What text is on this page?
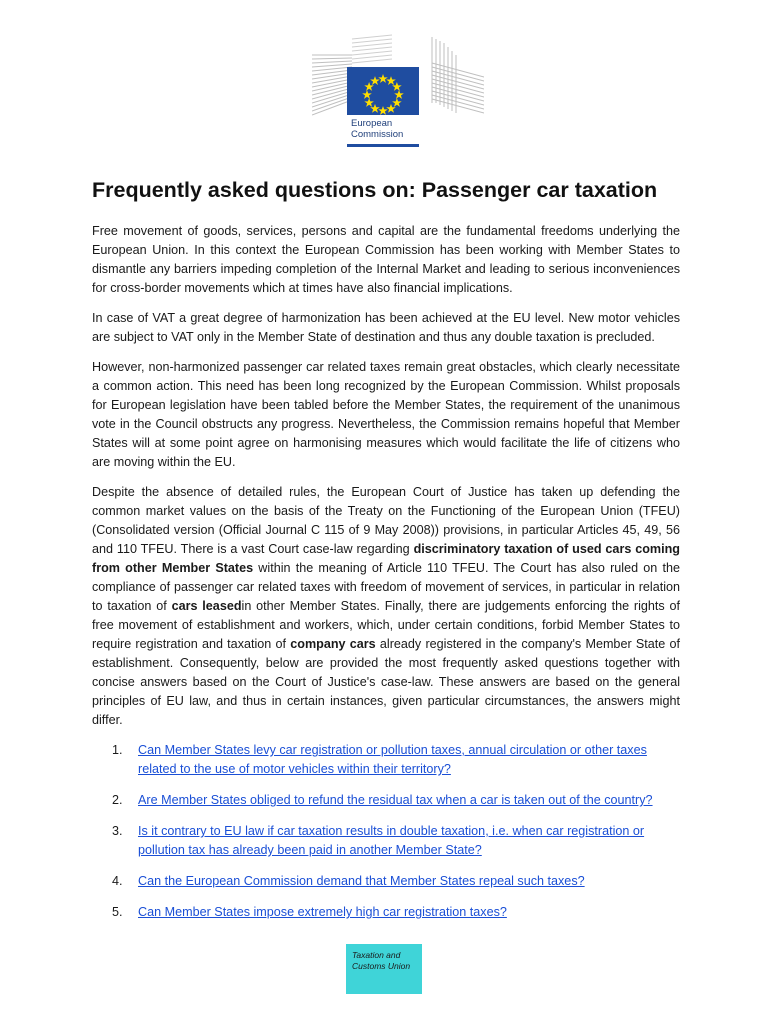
European
Commission
Frequently asked questions on: Passenger car taxation

Free movement of goods, services, persons and capital are the fundamental freedoms underlying the European Union. In this context the European Commission has been working with Member States to dismantle any barriers impeding completion of the Internal Market and leading to serious inconveniences for cross-border movements which at times have also financial implications.

In case of VAT a great degree of harmonization has been achieved at the EU level. New motor vehicles are subject to VAT only in the Member State of destination and thus any double taxation is precluded.

However, non-harmonized passenger car related taxes remain great obstacles, which clearly necessitate a common action. This need has been long recognized by the European Commission. Whilst proposals for European legislation have been tabled before the Member States, the requirement of the unanimous vote in the Council obstructs any progress. Nevertheless, the Commission remains hopeful that Member States will at some point agree on harmonising measures which would facilitate the life of citizens who are moving within the EU.

Despite the absence of detailed rules, the European Court of Justice has taken up defending the common market values on the basis of the Treaty on the Functioning of the European Union (TFEU) (Consolidated version (Official Journal C 115 of 9 May 2008)) provisions, in particular Articles 45, 49, 56 and 110 TFEU. There is a vast Court case-law regarding discriminatory taxation of used cars coming from other Member States within the meaning of Article 110 TFEU. The Court has also ruled on the compliance of passenger car related taxes with freedom of movement of services, in particular in relation to taxation of cars leasedin other Member States. Finally, there are judgements enforcing the rights of free movement of establishment and workers, which, under certain conditions, forbid Member States to require registration and taxation of company cars already registered in the company's Member State of establishment. Consequently, below are provided the most frequently asked questions together with concise answers based on the Court of Justice's case-law. These answers are based on the general principles of EU law, and thus in certain instances, given particular circumstances, the answers might differ.

1. Can Member States levy car registration or pollution taxes, annual circulation or other taxes related to the use of motor vehicles within their territory?
2. Are Member States obliged to refund the residual tax when a car is taken out of the country?
3. Is it contrary to EU law if car taxation results in double taxation, i.e. when car registration or pollution tax has already been paid in another Member State?
4. Can the European Commission demand that Member States repeal such taxes?
5. Can Member States impose extremely high car registration taxes?
Taxation and
Customs Union
